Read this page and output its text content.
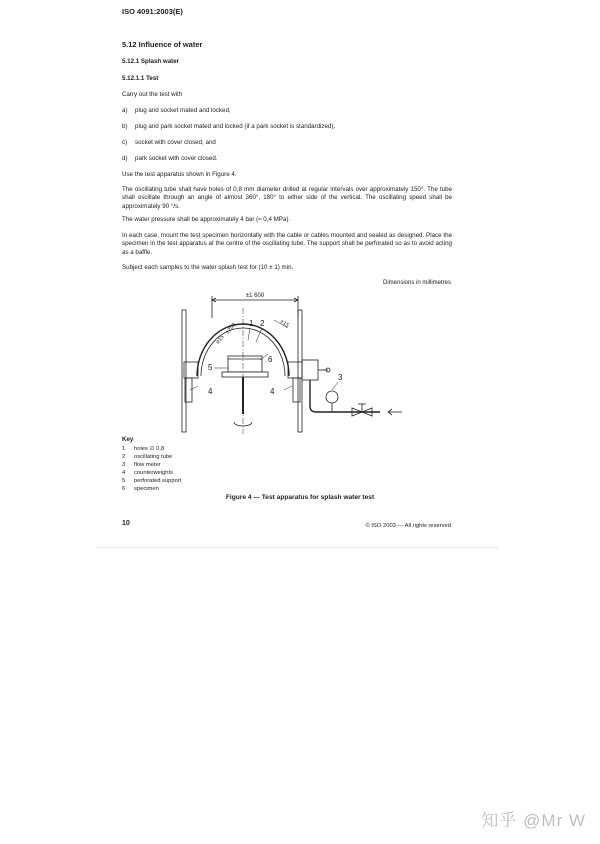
ISO 4091:2003(E)
5.12 Influence of water
5.12.1 Splash water
5.12.1.1 Test
Carry out the test with
a) plug and socket mated and locked,
b) plug and park socket mated and locked (if a park socket is standardized),
c) socket with cover closed, and
d) park socket with cover closed.
Use the test apparatus shown in Figure 4.
The oscillating tube shall have holes of 0,8 mm diameter drilled at regular intervals over approximately 150°. The tube shall oscillate through an angle of almost 360°, 180° to either side of the vertical. The oscillating speed shall be approximately 90 °/s.
The water pressure shall be approximately 4 bar (≈ 0,4 MPa).
In each case, mount the test specimen horizontally with the cable or cables mounted and sealed as designed. Place the specimen in the test apparatus at the centre of the oscillating tube. The support shall be perforated so as to avoid acting as a baffle.
Subject each samples to the water splash test for (10 ± 1) min.
Dimensions in millimetres
±1 600
±15
±200
⌀15
1 2
3
4	4
5
6
Key
1 holes ∅ 0,8
2 oscillating tube
3 flow meter
4 counterweights
5 perforated support
6 specimen
Figure 4 — Test apparatus for splash water test
10	© ISO 2003 — All rights reserved
知乎 @Mr W
